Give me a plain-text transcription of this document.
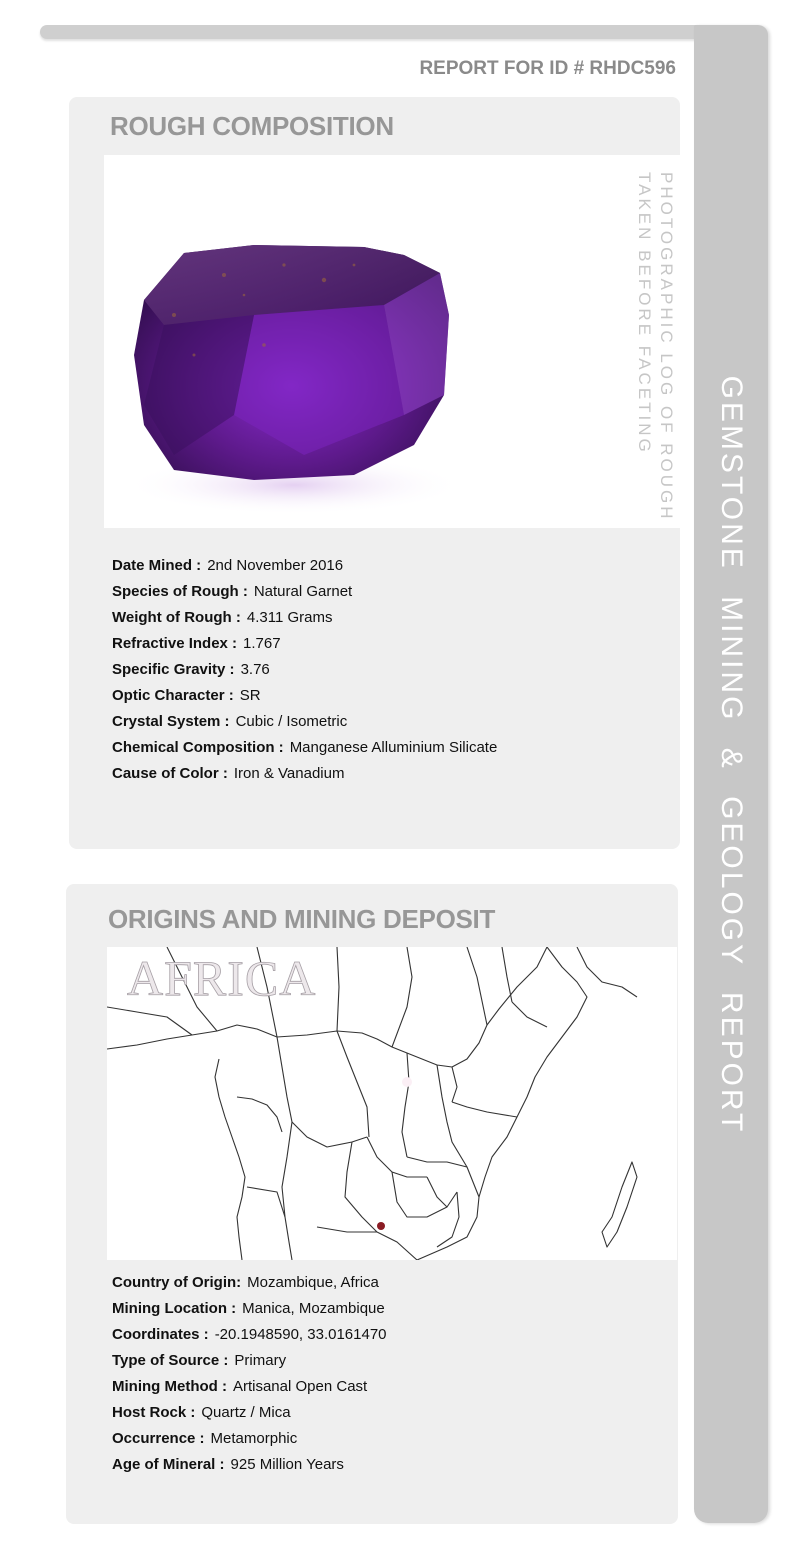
GEMSTONE MINING & GEOLOGY REPORT
REPORT FOR ID # RHDC596
ROUGH COMPOSITION
PHOTOGRAPHIC LOG OF ROUGH
TAKEN BEFORE FACETING
Date Mined : 2nd November 2016
Species of Rough : Natural Garnet
Weight of Rough : 4.311 Grams
Refractive Index : 1.767
Specific Gravity : 3.76
Optic Character : SR
Crystal System : Cubic / Isometric
Chemical Composition : Manganese Alluminium Silicate
Cause of Color : Iron & Vanadium
ORIGINS AND MINING DEPOSIT
AFRICA
Country of Origin: Mozambique, Africa
Mining Location : Manica, Mozambique
Coordinates : -20.1948590, 33.0161470
Type of Source : Primary
Mining Method : Artisanal Open Cast
Host Rock : Quartz / Mica
Occurrence : Metamorphic
Age of Mineral : 925 Million Years
